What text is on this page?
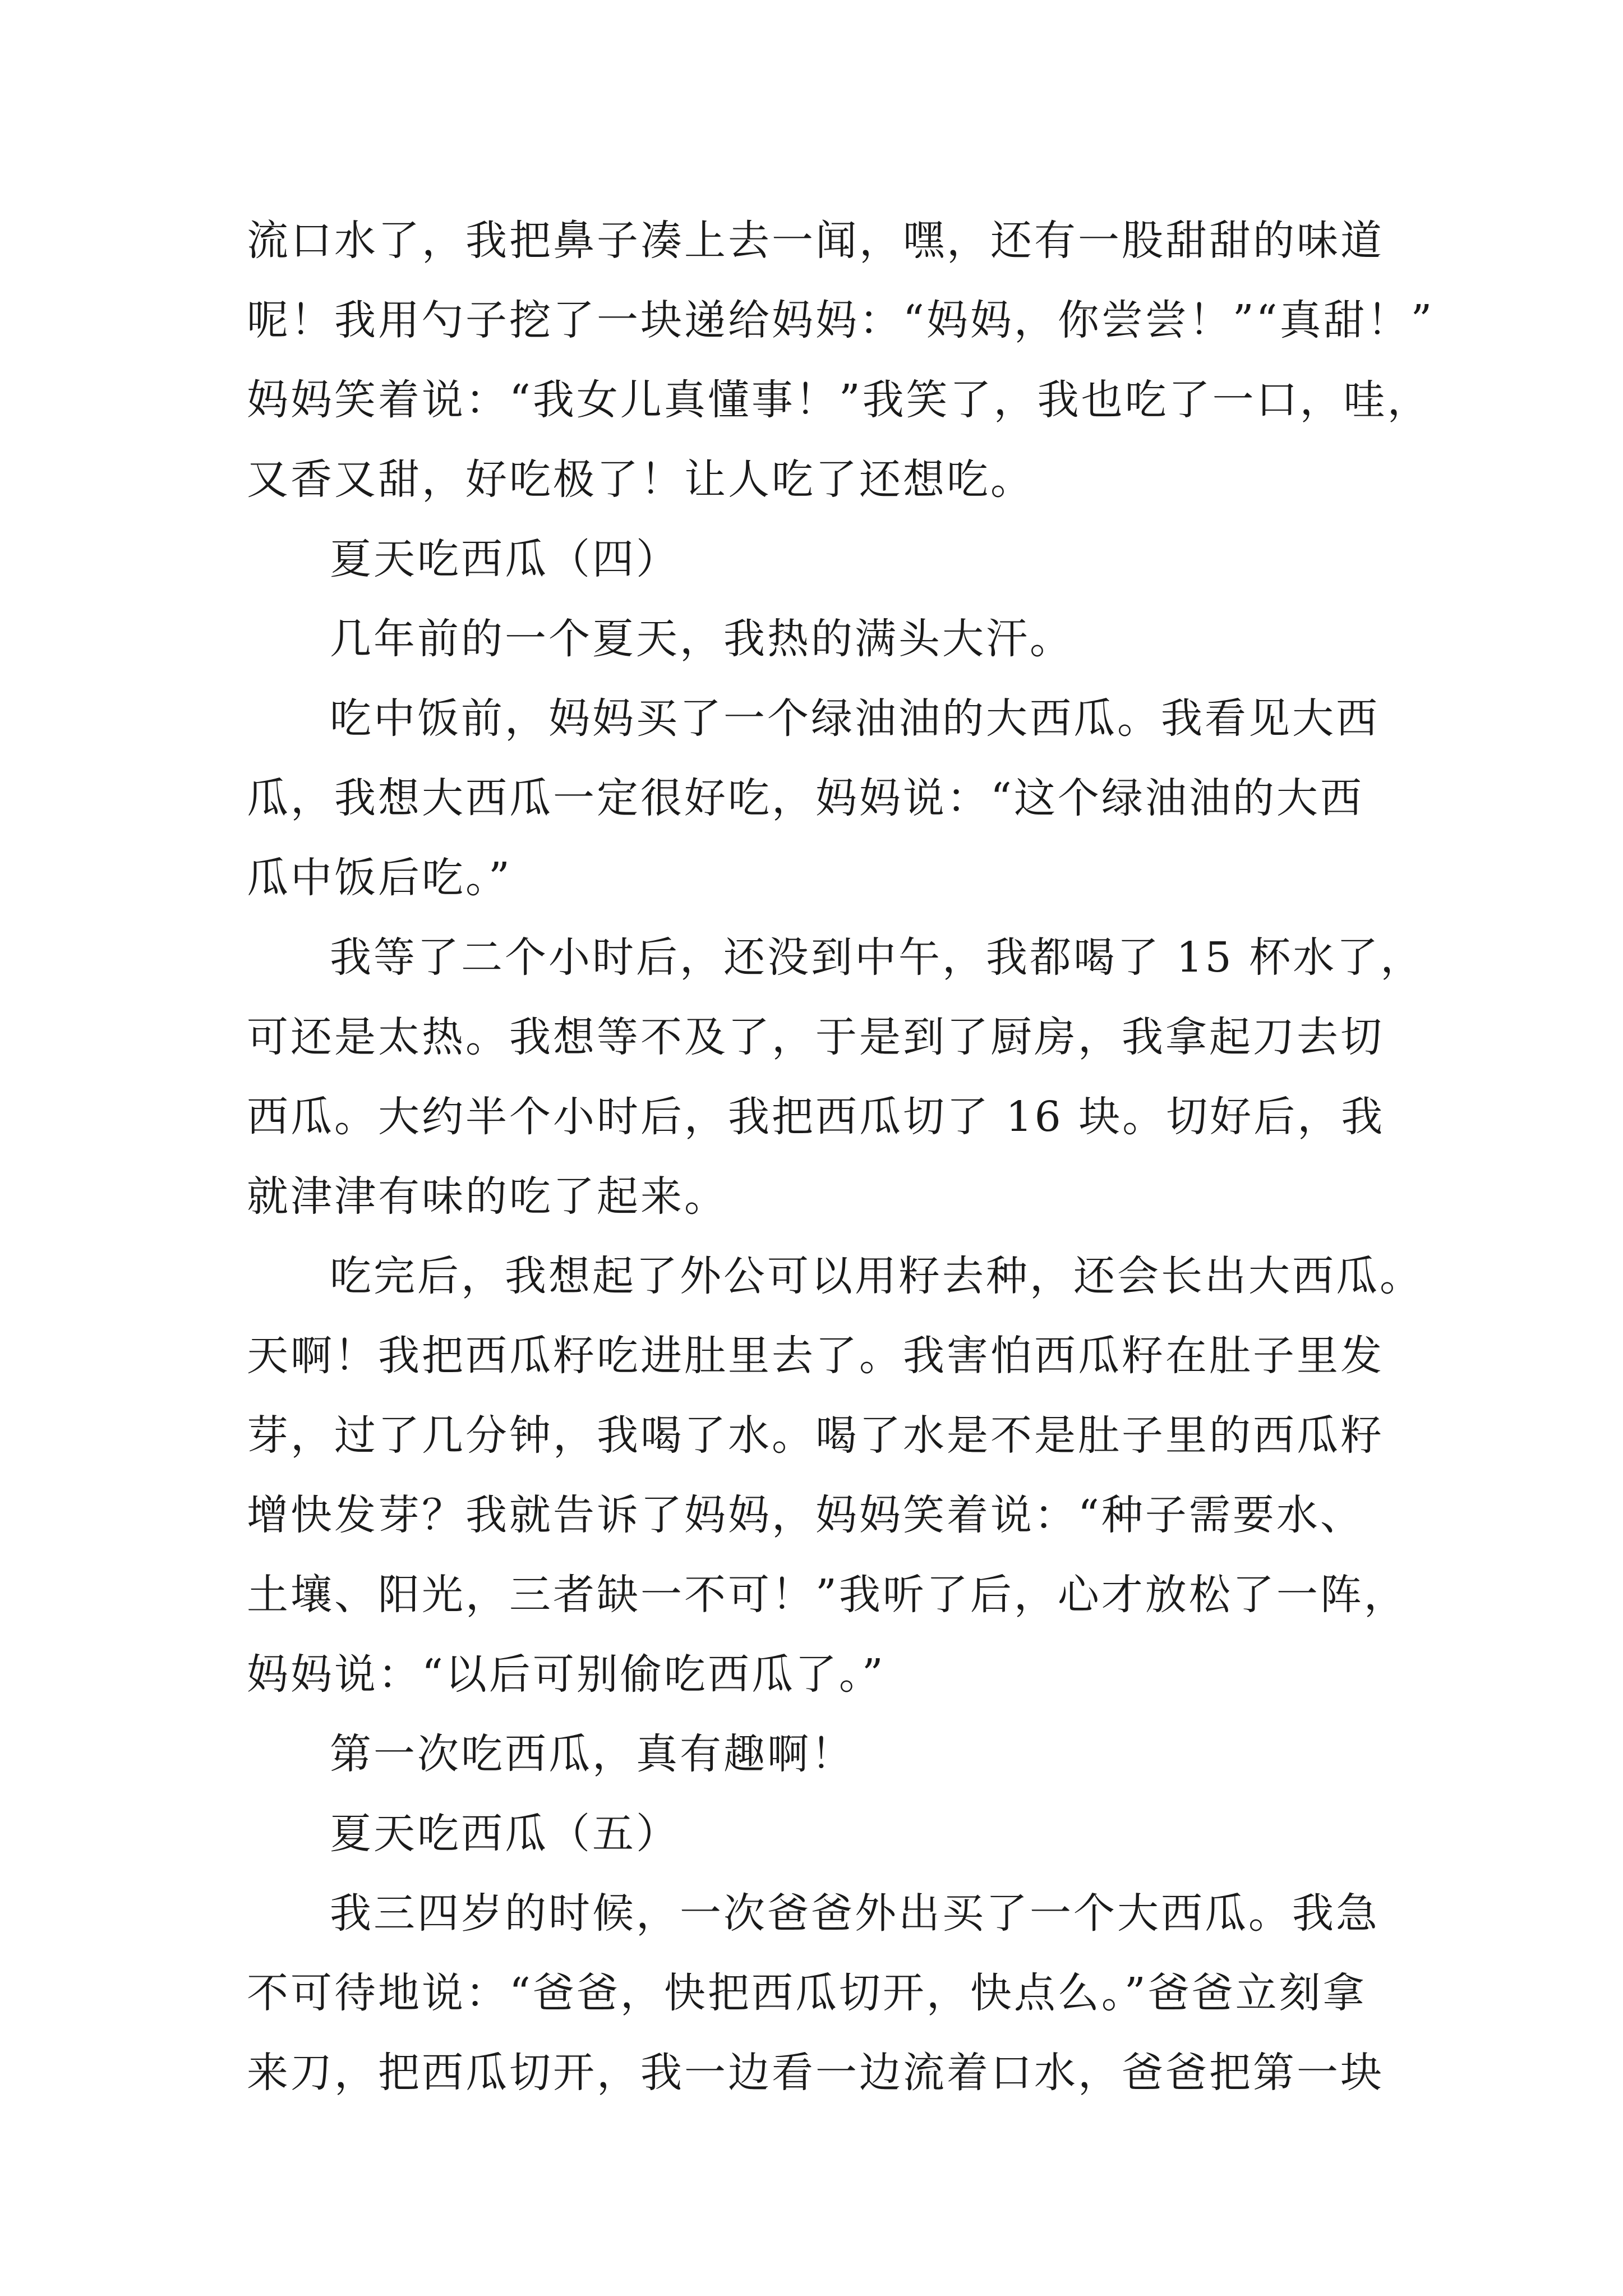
流口水了，我把鼻子凑上去一闻，嘿，还有一股甜甜的味道
呢！我用勺子挖了一块递给妈妈：“妈妈，你尝尝！”“真甜！”
妈妈笑着说：“我女儿真懂事！”我笑了，我也吃了一口，哇，
又香又甜，好吃极了！让人吃了还想吃。
夏天吃西瓜（四）
几年前的一个夏天，我热的满头大汗。
吃中饭前，妈妈买了一个绿油油的大西瓜。我看见大西
瓜，我想大西瓜一定很好吃，妈妈说：“这个绿油油的大西
瓜中饭后吃。”
我等了二个小时后，还没到中午，我都喝了 15 杯水了，
可还是太热。我想等不及了，于是到了厨房，我拿起刀去切
西瓜。大约半个小时后，我把西瓜切了 16 块。切好后，我
就津津有味的吃了起来。
吃完后，我想起了外公可以用籽去种，还会长出大西瓜。
天啊！我把西瓜籽吃进肚里去了。我害怕西瓜籽在肚子里发
芽，过了几分钟，我喝了水。喝了水是不是肚子里的西瓜籽
增快发芽？我就告诉了妈妈，妈妈笑着说：“种子需要水、
土壤、阳光，三者缺一不可！”我听了后，心才放松了一阵，
妈妈说：“以后可别偷吃西瓜了。”
第一次吃西瓜，真有趣啊！
夏天吃西瓜（五）
我三四岁的时候，一次爸爸外出买了一个大西瓜。我急
不可待地说：“爸爸，快把西瓜切开，快点么。”爸爸立刻拿
来刀，把西瓜切开，我一边看一边流着口水，爸爸把第一块
